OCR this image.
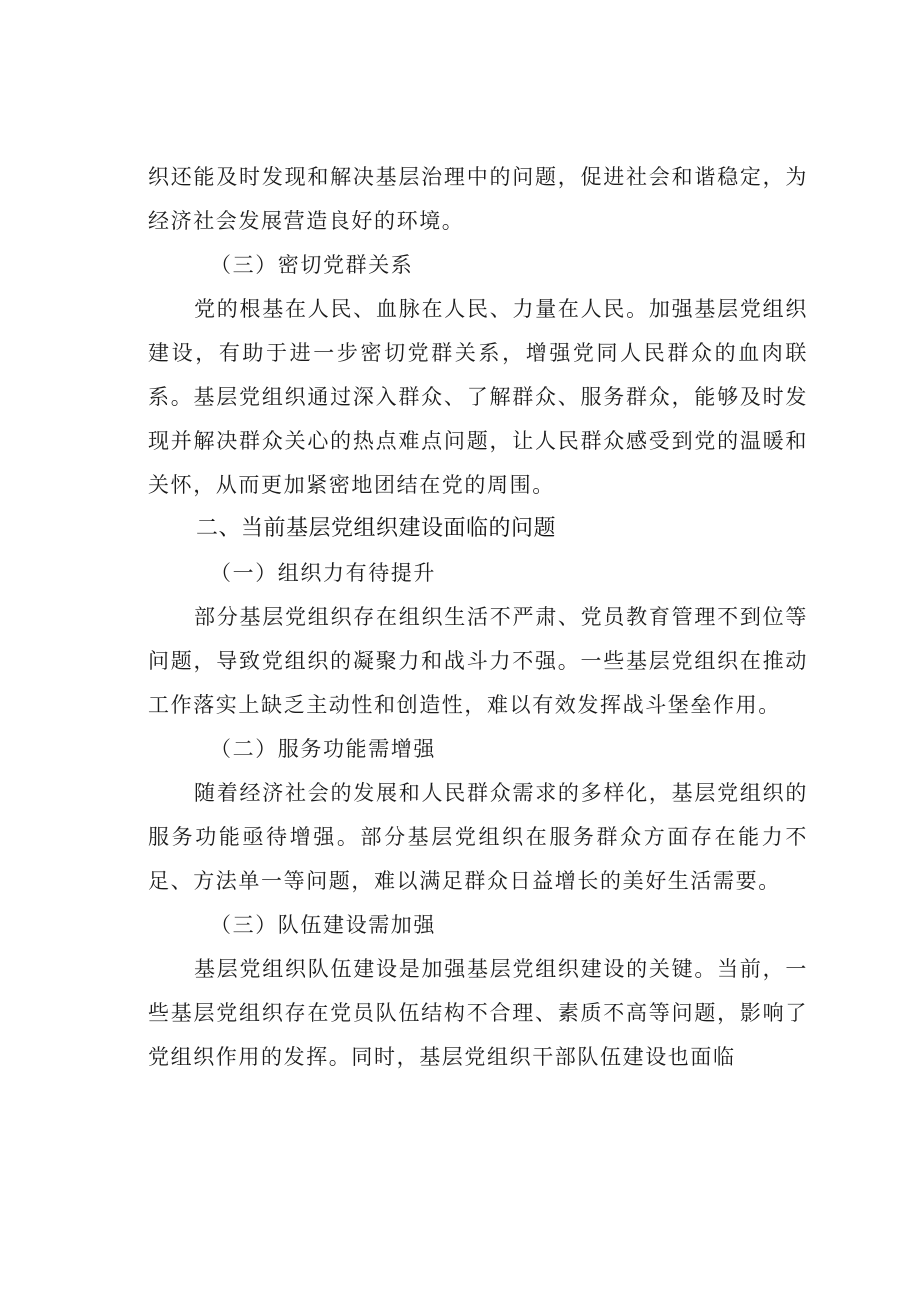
织还能及时发现和解决基层治理中的问题，促进社会和谐稳定，为经济社会发展营造良好的环境。

（三）密切党群关系

党的根基在人民、血脉在人民、力量在人民。加强基层党组织建设，有助于进一步密切党群关系，增强党同人民群众的血肉联系。基层党组织通过深入群众、了解群众、服务群众，能够及时发现并解决群众关心的热点难点问题，让人民群众感受到党的温暖和关怀，从而更加紧密地团结在党的周围。

二、当前基层党组织建设面临的问题

（一）组织力有待提升

部分基层党组织存在组织生活不严肃、党员教育管理不到位等问题，导致党组织的凝聚力和战斗力不强。一些基层党组织在推动工作落实上缺乏主动性和创造性，难以有效发挥战斗堡垒作用。

（二）服务功能需增强

随着经济社会的发展和人民群众需求的多样化，基层党组织的服务功能亟待增强。部分基层党组织在服务群众方面存在能力不足、方法单一等问题，难以满足群众日益增长的美好生活需要。

（三）队伍建设需加强

基层党组织队伍建设是加强基层党组织建设的关键。当前，一些基层党组织存在党员队伍结构不合理、素质不高等问题，影响了党组织作用的发挥。同时，基层党组织干部队伍建设也面临
